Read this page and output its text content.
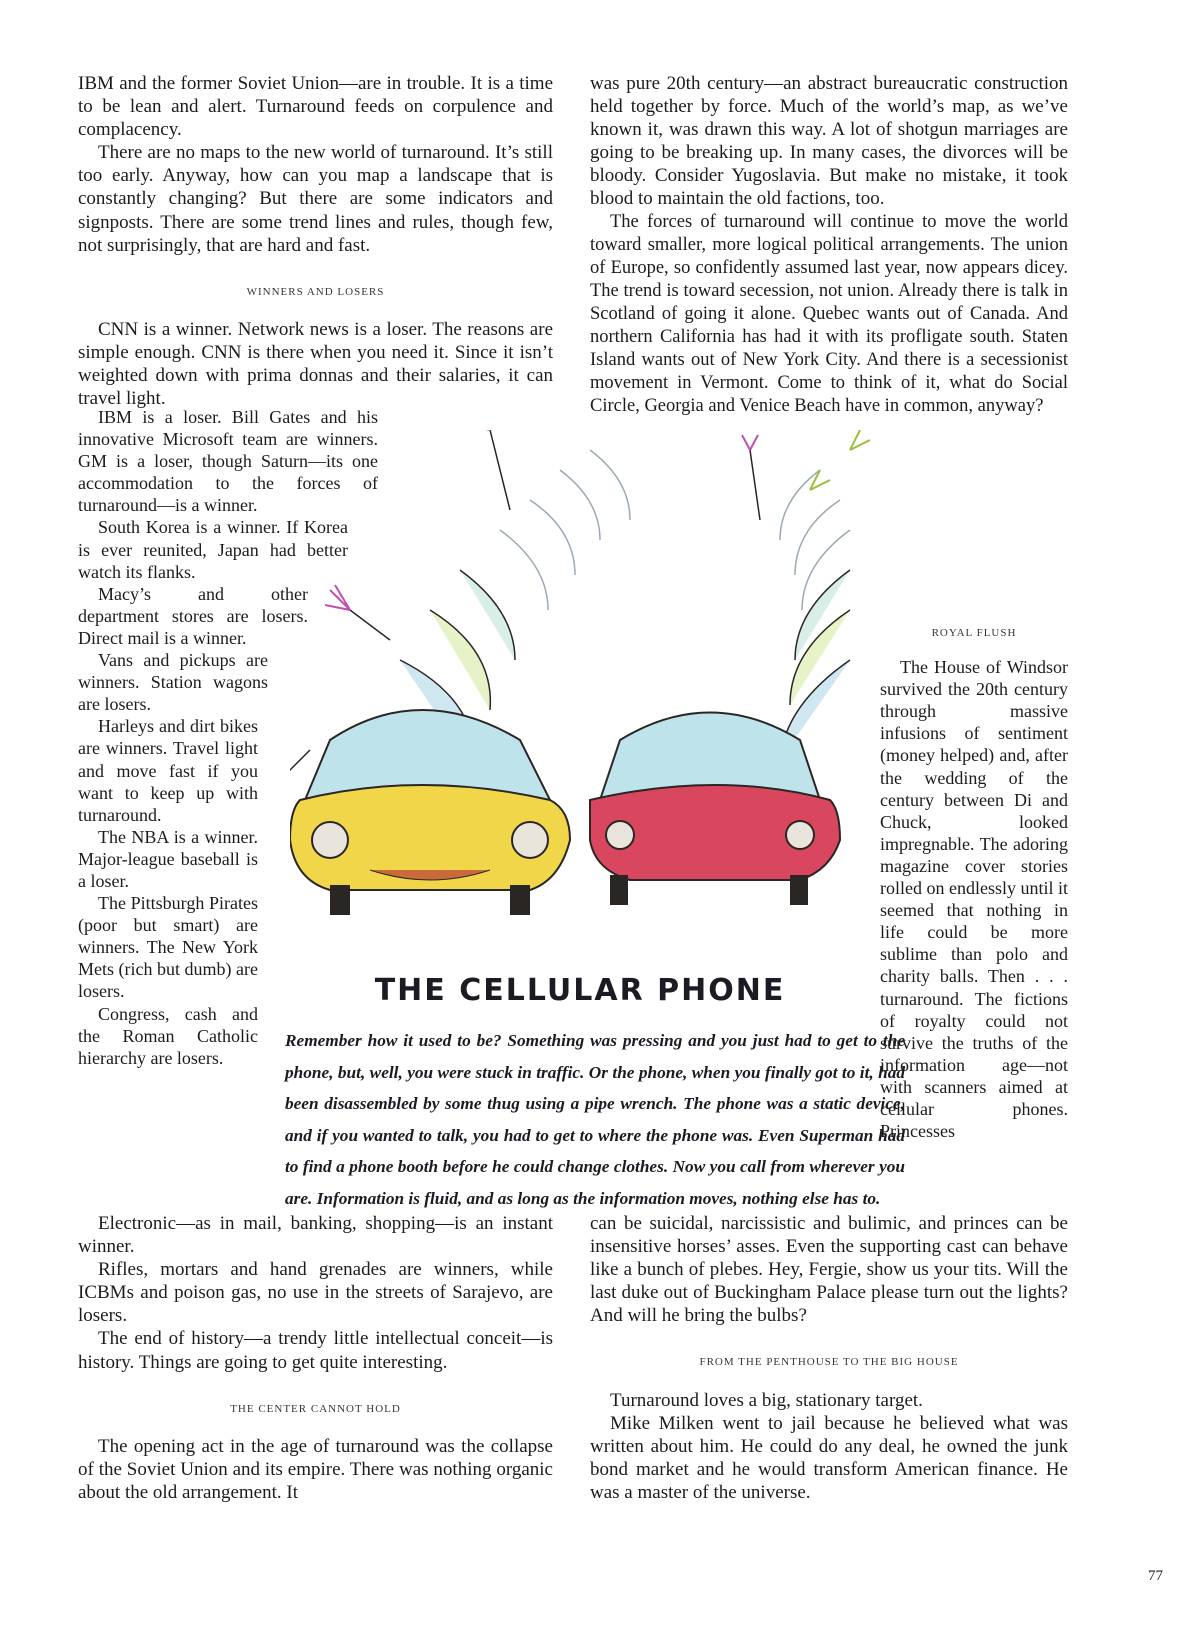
IBM and the former Soviet Union—are in trouble. It is a time to be lean and alert. Turnaround feeds on corpulence and complacency.

There are no maps to the new world of turnaround. It’s still too early. Anyway, how can you map a landscape that is constantly changing? But there are some indicators and signposts. There are some trend lines and rules, though few, not surprisingly, that are hard and fast.

WINNERS AND LOSERS

CNN is a winner. Network news is a loser. The reasons are simple enough. CNN is there when you need it. Since it isn’t weighted down with prima donnas and their salaries, it can travel light.

IBM is a loser. Bill Gates and his innovative Microsoft team are winners. GM is a loser, though Saturn—its one accommodation to the forces of turnaround—is a winner.

South Korea is a winner. If Korea is ever reunited, Japan had better watch its flanks.

Macy’s and other department stores are losers. Direct mail is a winner.

Vans and pickups are winners. Station wagons are losers.

Harleys and dirt bikes are winners. Travel light and move fast if you want to keep up with turnaround.

The NBA is a winner. Major-league baseball is a loser.

The Pittsburgh Pirates (poor but smart) are winners. The New York Mets (rich but dumb) are losers.

Congress, cash and the Roman Catholic hierarchy are losers.

Electronic—as in mail, banking, shopping—is an instant winner.

Rifles, mortars and hand grenades are winners, while ICBMs and poison gas, no use in the streets of Sarajevo, are losers.

The end of history—a trendy little intellectual conceit—is history. Things are going to get quite interesting.

THE CENTER CANNOT HOLD

The opening act in the age of turnaround was the collapse of the Soviet Union and its empire. There was nothing organic about the old arrangement. It

was pure 20th century—an abstract bureaucratic construction held together by force. Much of the world’s map, as we’ve known it, was drawn this way. A lot of shotgun marriages are going to be breaking up. In many cases, the divorces will be bloody. Consider Yugoslavia. But make no mistake, it took blood to maintain the old factions, too.

The forces of turnaround will continue to move the world toward smaller, more logical political arrangements. The union of Europe, so confidently assumed last year, now appears dicey. The trend is toward secession, not union. Already there is talk in Scotland of going it alone. Quebec wants out of Canada. And northern California has had it with its profligate south. Staten Island wants out of New York City. And there is a secessionist movement in Vermont. Come to think of it, what do Social Circle, Georgia and Venice Beach have in common, anyway?

ROYAL FLUSH

The House of Windsor survived the 20th century through massive infusions of sentiment (money helped) and, after the wedding of the century between Di and Chuck, looked impregnable. The adoring magazine cover stories rolled on endlessly until it seemed that nothing in life could be more sublime than polo and charity balls. Then . . . turnaround. The fictions of royalty could not survive the truths of the information age—not with scanners aimed at cellular phones. Princesses

can be suicidal, narcissistic and bulimic, and princes can be insensitive horses’ asses. Even the supporting cast can behave like a bunch of plebes. Hey, Fergie, show us your tits. Will the last duke out of Buckingham Palace please turn out the lights? And will he bring the bulbs?

FROM THE PENTHOUSE TO THE BIG HOUSE

Turnaround loves a big, stationary target.

Mike Milken went to jail because he believed what was written about him. He could do any deal, he owned the junk bond market and he would transform American finance. He was a master of the universe.

THE CELLULAR PHONE
Remember how it used to be? Something was pressing and you just had to get to the phone, but, well, you were stuck in traffic. Or the phone, when you finally got to it, had been disassembled by some thug using a pipe wrench. The phone was a static device, and if you wanted to talk, you had to get to where the phone was. Even Superman had to find a phone booth before he could change clothes. Now you call from wherever you are. Information is fluid, and as long as the information moves, nothing else has to.
77
